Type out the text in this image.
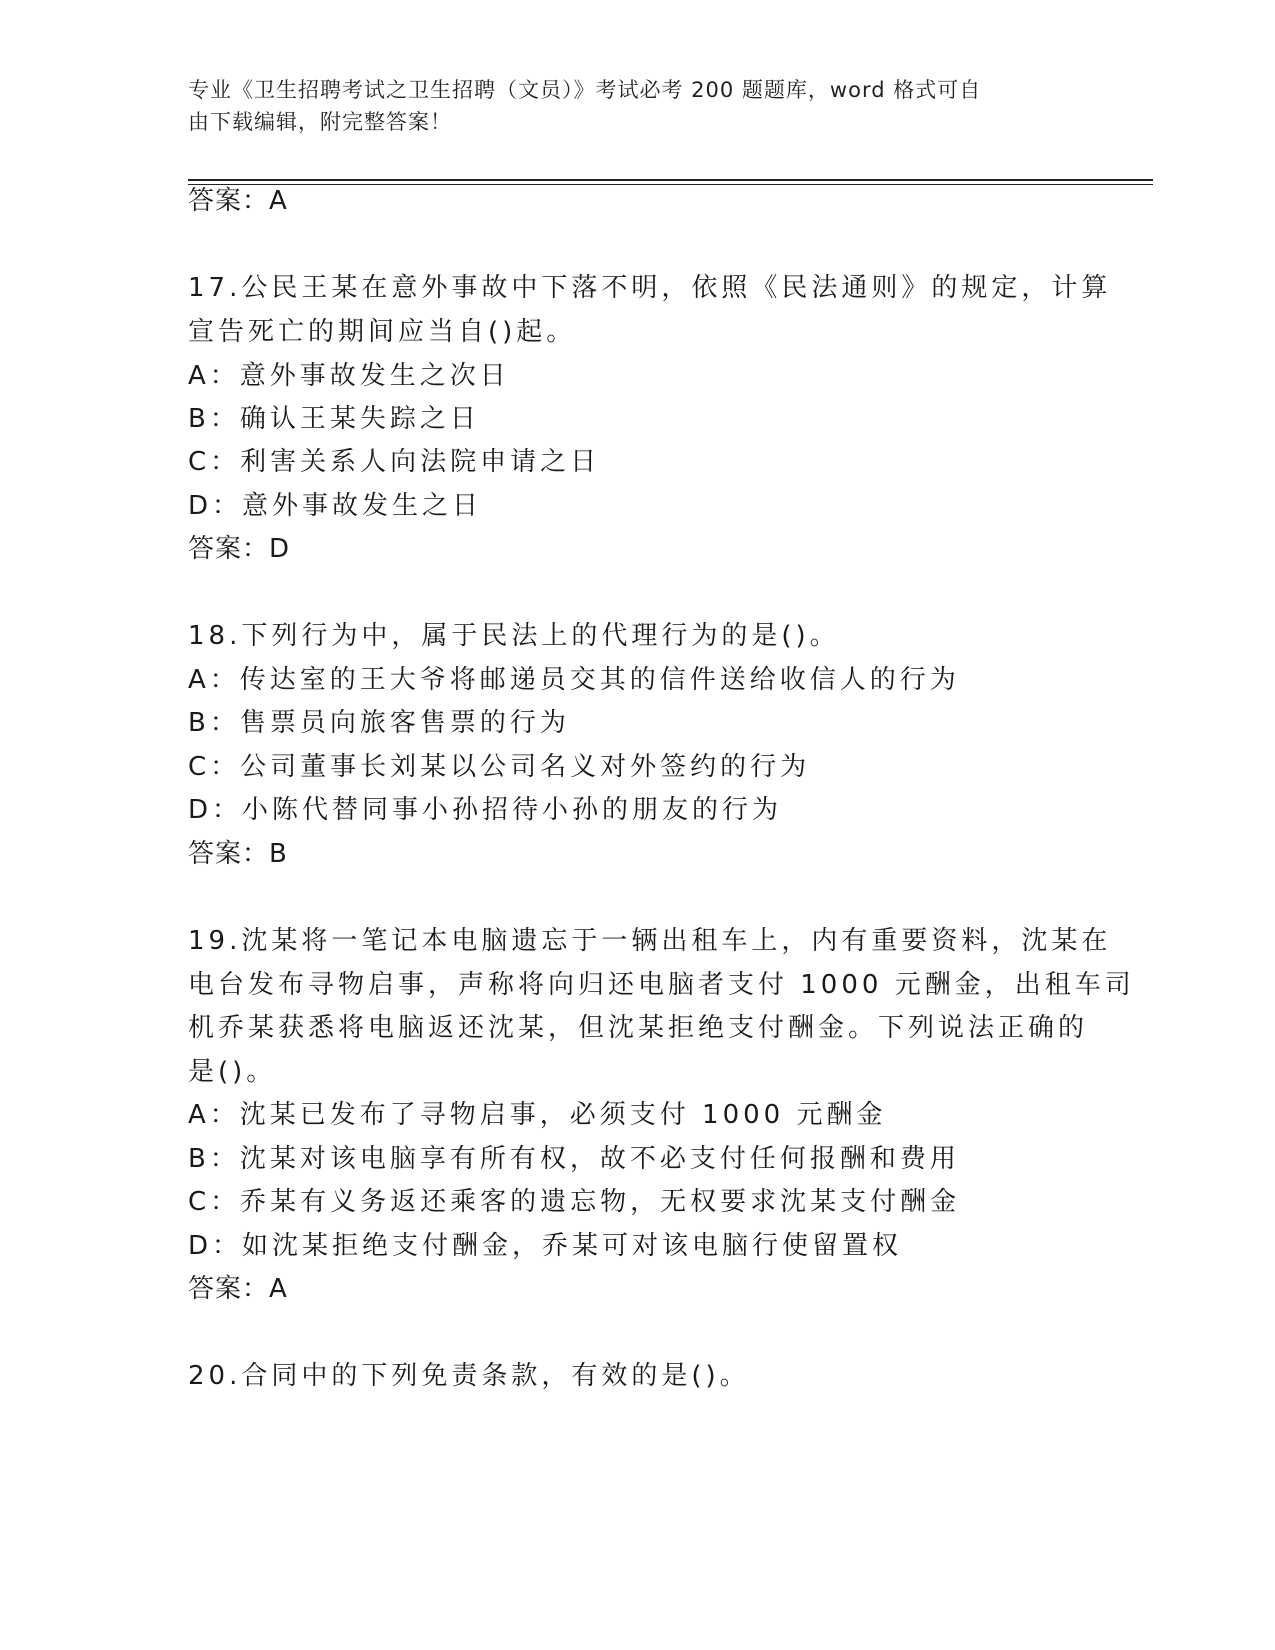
专业《卫生招聘考试之卫生招聘（文员）》考试必考 200 题题库，word 格式可自
由下载编辑，附完整答案！
答案：A
17.公民王某在意外事故中下落不明，依照《民法通则》的规定，计算
宣告死亡的期间应当自()起。
A：意外事故发生之次日
B：确认王某失踪之日
C：利害关系人向法院申请之日
D：意外事故发生之日
答案：D
18.下列行为中，属于民法上的代理行为的是()。
A：传达室的王大爷将邮递员交其的信件送给收信人的行为
B：售票员向旅客售票的行为
C：公司董事长刘某以公司名义对外签约的行为
D：小陈代替同事小孙招待小孙的朋友的行为
答案：B
19.沈某将一笔记本电脑遗忘于一辆出租车上，内有重要资料，沈某在
电台发布寻物启事，声称将向归还电脑者支付 1000 元酬金，出租车司
机乔某获悉将电脑返还沈某，但沈某拒绝支付酬金。下列说法正确的
是()。
A：沈某已发布了寻物启事，必须支付 1000 元酬金
B：沈某对该电脑享有所有权，故不必支付任何报酬和费用
C：乔某有义务返还乘客的遗忘物，无权要求沈某支付酬金
D：如沈某拒绝支付酬金，乔某可对该电脑行使留置权
答案：A
20.合同中的下列免责条款，有效的是()。
